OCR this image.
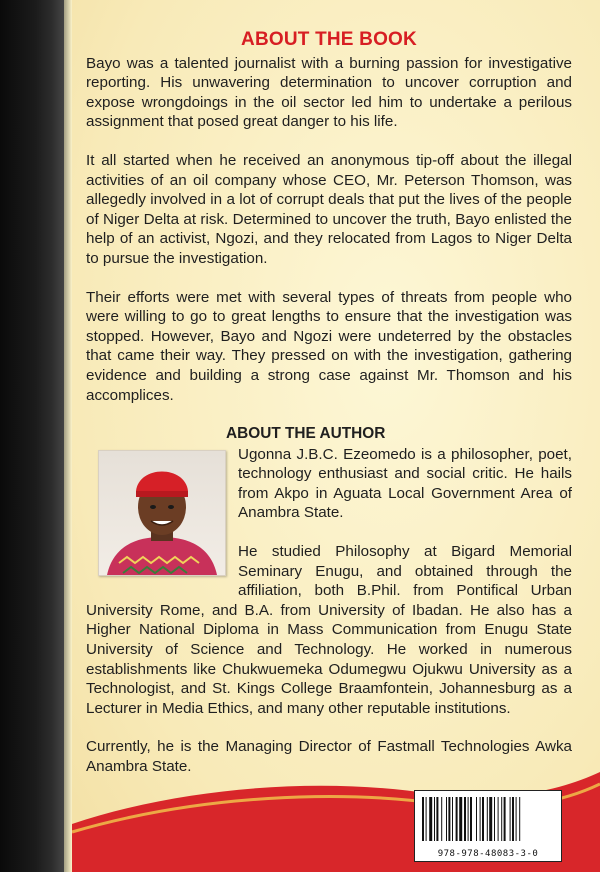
ABOUT THE BOOK

Bayo was a talented journalist with a burning passion for investigative reporting. His unwavering determination to uncover corruption and expose wrongdoings in the oil sector led him to undertake a perilous assignment that posed great danger to his life.

It all started when he received an anonymous tip-off about the illegal activities of an oil company whose CEO, Mr. Peterson Thomson, was allegedly involved in a lot of corrupt deals that put the lives of the people of Niger Delta at risk. Determined to uncover the truth, Bayo enlisted the help of an activist, Ngozi, and they relocated from Lagos to Niger Delta to pursue the investigation.

Their efforts were met with several types of threats from people who were willing to go to great lengths to ensure that the investigation was stopped. However, Bayo and Ngozi were undeterred by the obstacles that came their way. They pressed on with the investigation, gathering evidence and building a strong case against Mr. Thomson and his accomplices.

ABOUT THE AUTHOR

Ugonna J.B.C. Ezeomedo is a philosopher, poet, technology enthusiast and social critic. He hails from Akpo in Aguata Local Government Area of Anambra State.

He studied Philosophy at Bigard Memorial Seminary Enugu, and obtained through the affiliation, both B.Phil. from Pontifical Urban University Rome, and B.A. from University of Ibadan. He also has a Higher National Diploma in Mass Communication from Enugu State University of Science and Technology. He worked in numerous establishments like Chukwuemeka Odumegwu Ojukwu University as a Technologist, and St. Kings College Braamfontein, Johannesburg as a Lecturer in Media Ethics, and many other reputable institutions.

Currently, he is the Managing Director of Fastmall Technologies Awka Anambra State.

978-978-48083-3-0
